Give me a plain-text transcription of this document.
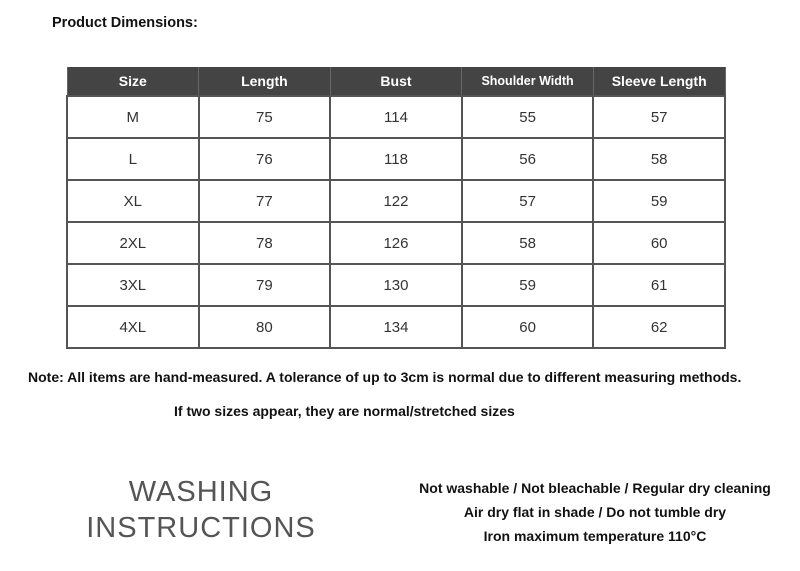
Product Dimensions:
Size	Length	Bust	Shoulder Width	Sleeve Length
M	75	114	55	57
L	76	118	56	58
XL	77	122	57	59
2XL	78	126	58	60
3XL	79	130	59	61
4XL	80	134	60	62
Note: All items are hand-measured. A tolerance of up to 3cm is normal due to different measuring methods.
If two sizes appear, they are normal/stretched sizes
WASHING
INSTRUCTIONS
Not washable / Not bleachable / Regular dry cleaning
Air dry flat in shade / Do not tumble dry
Iron maximum temperature 110°C
